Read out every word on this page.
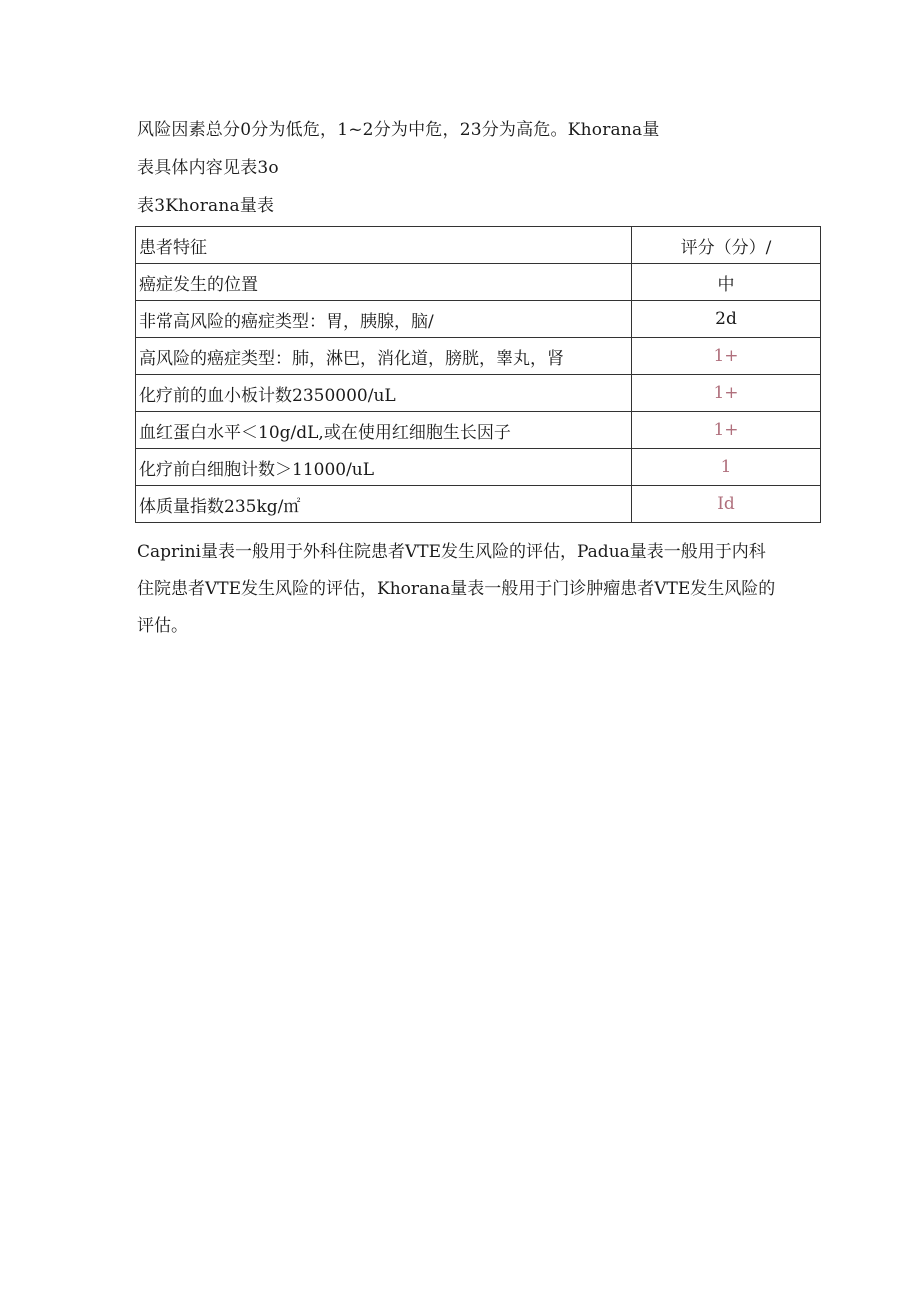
风险因素总分0分为低危，1~2分为中危，23分为高危。Khorana量
表具体内容见表3o
表3Khorana量表
患者特征	评分（分）/
癌症发生的位置	中
非常高风险的癌症类型：胃，胰腺，脑/	2d
高风险的癌症类型：肺，淋巴，消化道，膀胱，睾丸，肾	1+
化疗前的血小板计数2350000/uL	1+
血红蛋白水平＜10g/dL,或在使用红细胞生长因子	1+
化疗前白细胞计数＞11000/uL	1
体质量指数235kg/㎡	Id
Caprini量表一般用于外科住院患者VTE发生风险的评估，Padua量表一般用于内科
住院患者VTE发生风险的评估，Khorana量表一般用于门诊肿瘤患者VTE发生风险的
评估。
